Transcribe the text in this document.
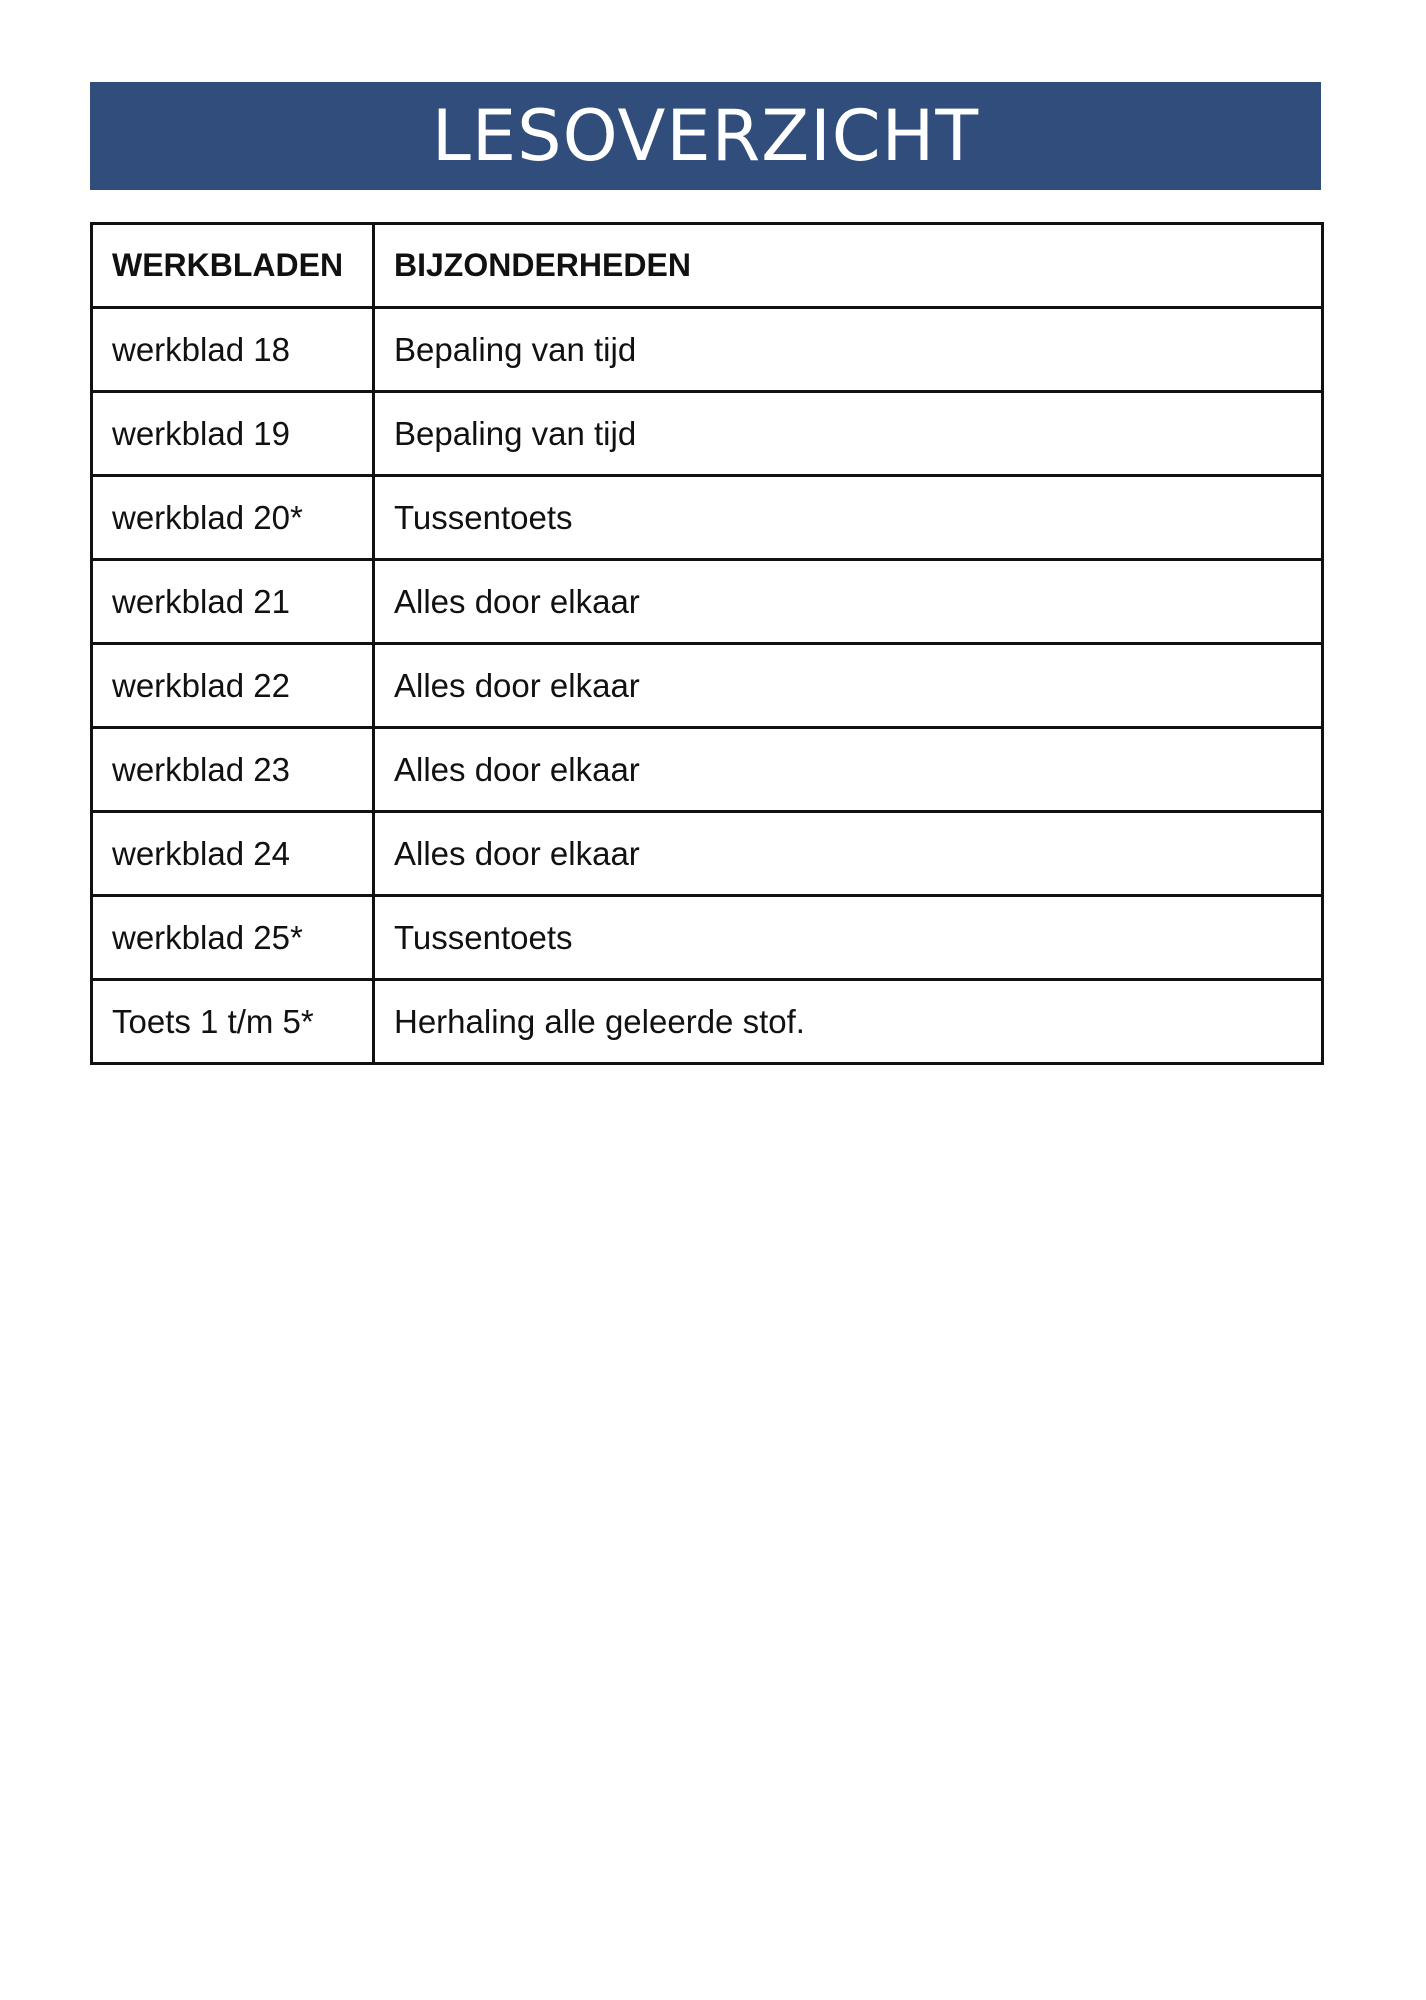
LESOVERZICHT
WERKBLADEN	BIJZONDERHEDEN
werkblad 18	Bepaling van tijd
werkblad 19	Bepaling van tijd
werkblad 20*	Tussentoets
werkblad 21	Alles door elkaar
werkblad 22	Alles door elkaar
werkblad 23	Alles door elkaar
werkblad 24	Alles door elkaar
werkblad 25*	Tussentoets
Toets 1 t/m 5*	Herhaling alle geleerde stof.
